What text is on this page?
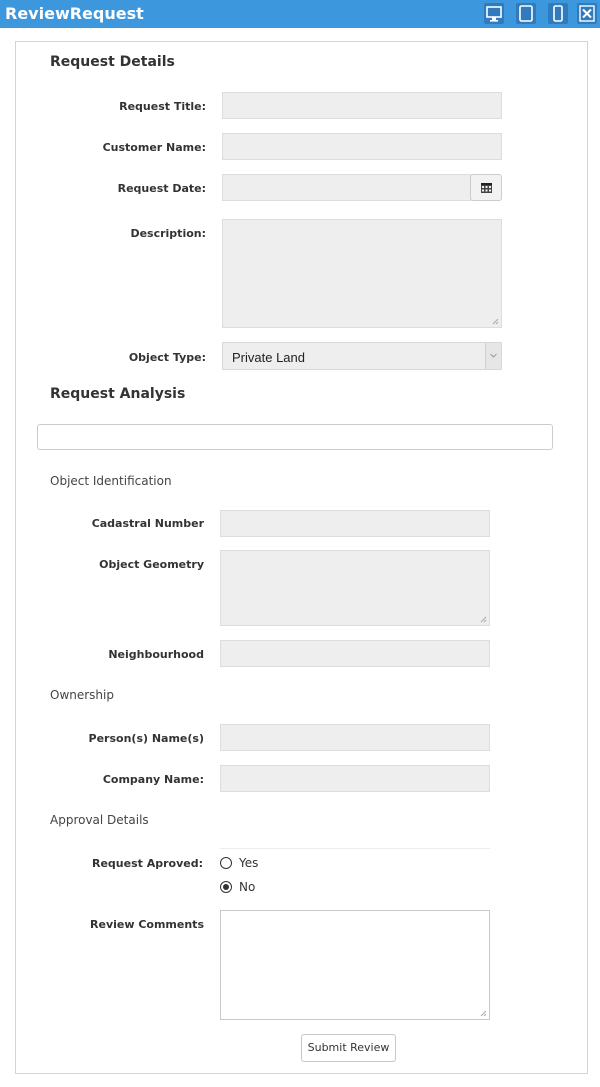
ReviewRequest
Request Details
Request Title:
Customer Name:
Request Date:
Description:
Object Type: Private Land
Request Analysis
Object Identification
Cadastral Number
Object Geometry
Neighbourhood
Ownership
Person(s) Name(s)
Company Name:
Approval Details
Request Aproved:	Yes
No
Review Comments
Submit Review
